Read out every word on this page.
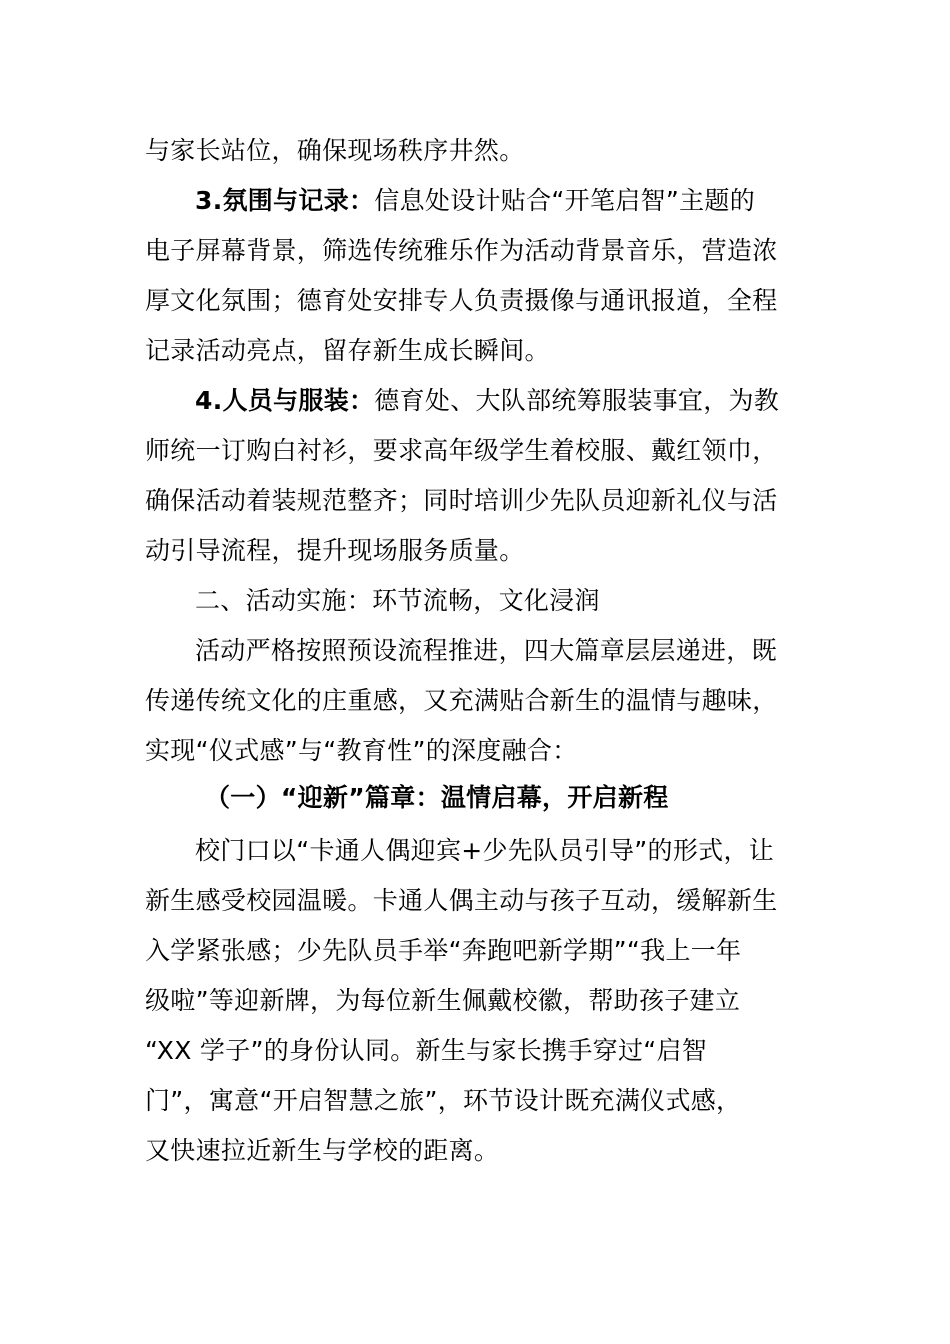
与家长站位，确保现场秩序井然。
3.氛围与记录：信息处设计贴合“开笔启智”主题的
电子屏幕背景，筛选传统雅乐作为活动背景音乐，营造浓
厚文化氛围；德育处安排专人负责摄像与通讯报道，全程
记录活动亮点，留存新生成长瞬间。
4.人员与服装：德育处、大队部统筹服装事宜，为教
师统一订购白衬衫，要求高年级学生着校服、戴红领巾，
确保活动着装规范整齐；同时培训少先队员迎新礼仪与活
动引导流程，提升现场服务质量。
二、活动实施：环节流畅，文化浸润
活动严格按照预设流程推进，四大篇章层层递进，既
传递传统文化的庄重感，又充满贴合新生的温情与趣味，
实现“仪式感”与“教育性”的深度融合：
（一）“迎新”篇章：温情启幕，开启新程
校门口以“卡通人偶迎宾+少先队员引导”的形式，让
新生感受校园温暖。卡通人偶主动与孩子互动，缓解新生
入学紧张感；少先队员手举“奔跑吧新学期”“我上一年
级啦”等迎新牌，为每位新生佩戴校徽，帮助孩子建立
“XX 学子”的身份认同。新生与家长携手穿过“启智
门”，寓意“开启智慧之旅”，环节设计既充满仪式感，
又快速拉近新生与学校的距离。
